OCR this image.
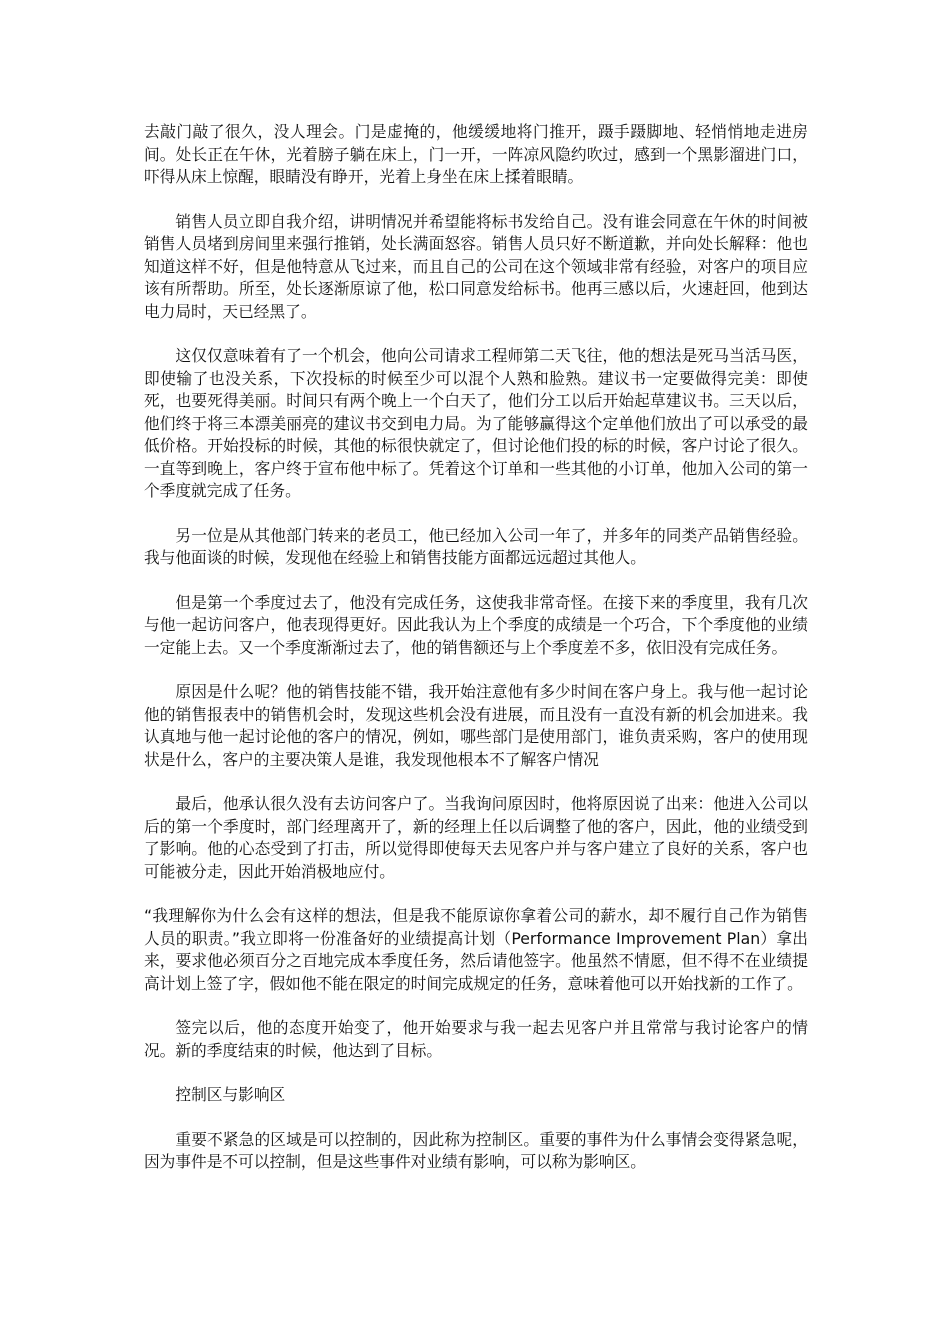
去敲门敲了很久，没人理会。门是虚掩的，他缓缓地将门推开，蹑手蹑脚地、轻悄悄地走进房间。处长正在午休，光着膀子躺在床上，门一开，一阵凉风隐约吹过，感到一个黑影溜进门口，吓得从床上惊醒，眼睛没有睁开，光着上身坐在床上揉着眼睛。

销售人员立即自我介绍，讲明情况并希望能将标书发给自己。没有谁会同意在午休的时间被销售人员堵到房间里来强行推销，处长满面怒容。销售人员只好不断道歉，并向处长解释：他也知道这样不好，但是他特意从飞过来，而且自己的公司在这个领域非常有经验，对客户的项目应该有所帮助。所至，处长逐渐原谅了他，松口同意发给标书。他再三感以后，火速赶回，他到达电力局时，天已经黑了。

这仅仅意味着有了一个机会，他向公司请求工程师第二天飞往，他的想法是死马当活马医，即使输了也没关系，下次投标的时候至少可以混个人熟和脸熟。建议书一定要做得完美：即使死，也要死得美丽。时间只有两个晚上一个白天了，他们分工以后开始起草建议书。三天以后，他们终于将三本漂美丽亮的建议书交到电力局。为了能够赢得这个定单他们放出了可以承受的最低价格。开始投标的时候，其他的标很快就定了，但讨论他们投的标的时候，客户讨论了很久。一直等到晚上，客户终于宣布他中标了。凭着这个订单和一些其他的小订单，他加入公司的第一个季度就完成了任务。

另一位是从其他部门转来的老员工，他已经加入公司一年了，并多年的同类产品销售经验。我与他面谈的时候，发现他在经验上和销售技能方面都远远超过其他人。

但是第一个季度过去了，他没有完成任务，这使我非常奇怪。在接下来的季度里，我有几次与他一起访问客户，他表现得更好。因此我认为上个季度的成绩是一个巧合，下个季度他的业绩一定能上去。又一个季度渐渐过去了，他的销售额还与上个季度差不多，依旧没有完成任务。

原因是什么呢？他的销售技能不错，我开始注意他有多少时间在客户身上。我与他一起讨论他的销售报表中的销售机会时，发现这些机会没有进展，而且没有一直没有新的机会加进来。我认真地与他一起讨论他的客户的情况，例如，哪些部门是使用部门，谁负责采购，客户的使用现状是什么，客户的主要决策人是谁，我发现他根本不了解客户情况

最后，他承认很久没有去访问客户了。当我询问原因时，他将原因说了出来：他进入公司以后的第一个季度时，部门经理离开了，新的经理上任以后调整了他的客户，因此，他的业绩受到了影响。他的心态受到了打击，所以觉得即使每天去见客户并与客户建立了良好的关系，客户也可能被分走，因此开始消极地应付。

“我理解你为什么会有这样的想法，但是我不能原谅你拿着公司的薪水，却不履行自己作为销售人员的职责。”我立即将一份准备好的业绩提高计划（Performance Improvement Plan）拿出来，要求他必须百分之百地完成本季度任务，然后请他签字。他虽然不情愿，但不得不在业绩提高计划上签了字，假如他不能在限定的时间完成规定的任务，意味着他可以开始找新的工作了。

签完以后，他的态度开始变了，他开始要求与我一起去见客户并且常常与我讨论客户的情况。新的季度结束的时候，他达到了目标。

控制区与影响区

重要不紧急的区域是可以控制的，因此称为控制区。重要的事件为什么事情会变得紧急呢，因为事件是不可以控制，但是这些事件对业绩有影响，可以称为影响区。
